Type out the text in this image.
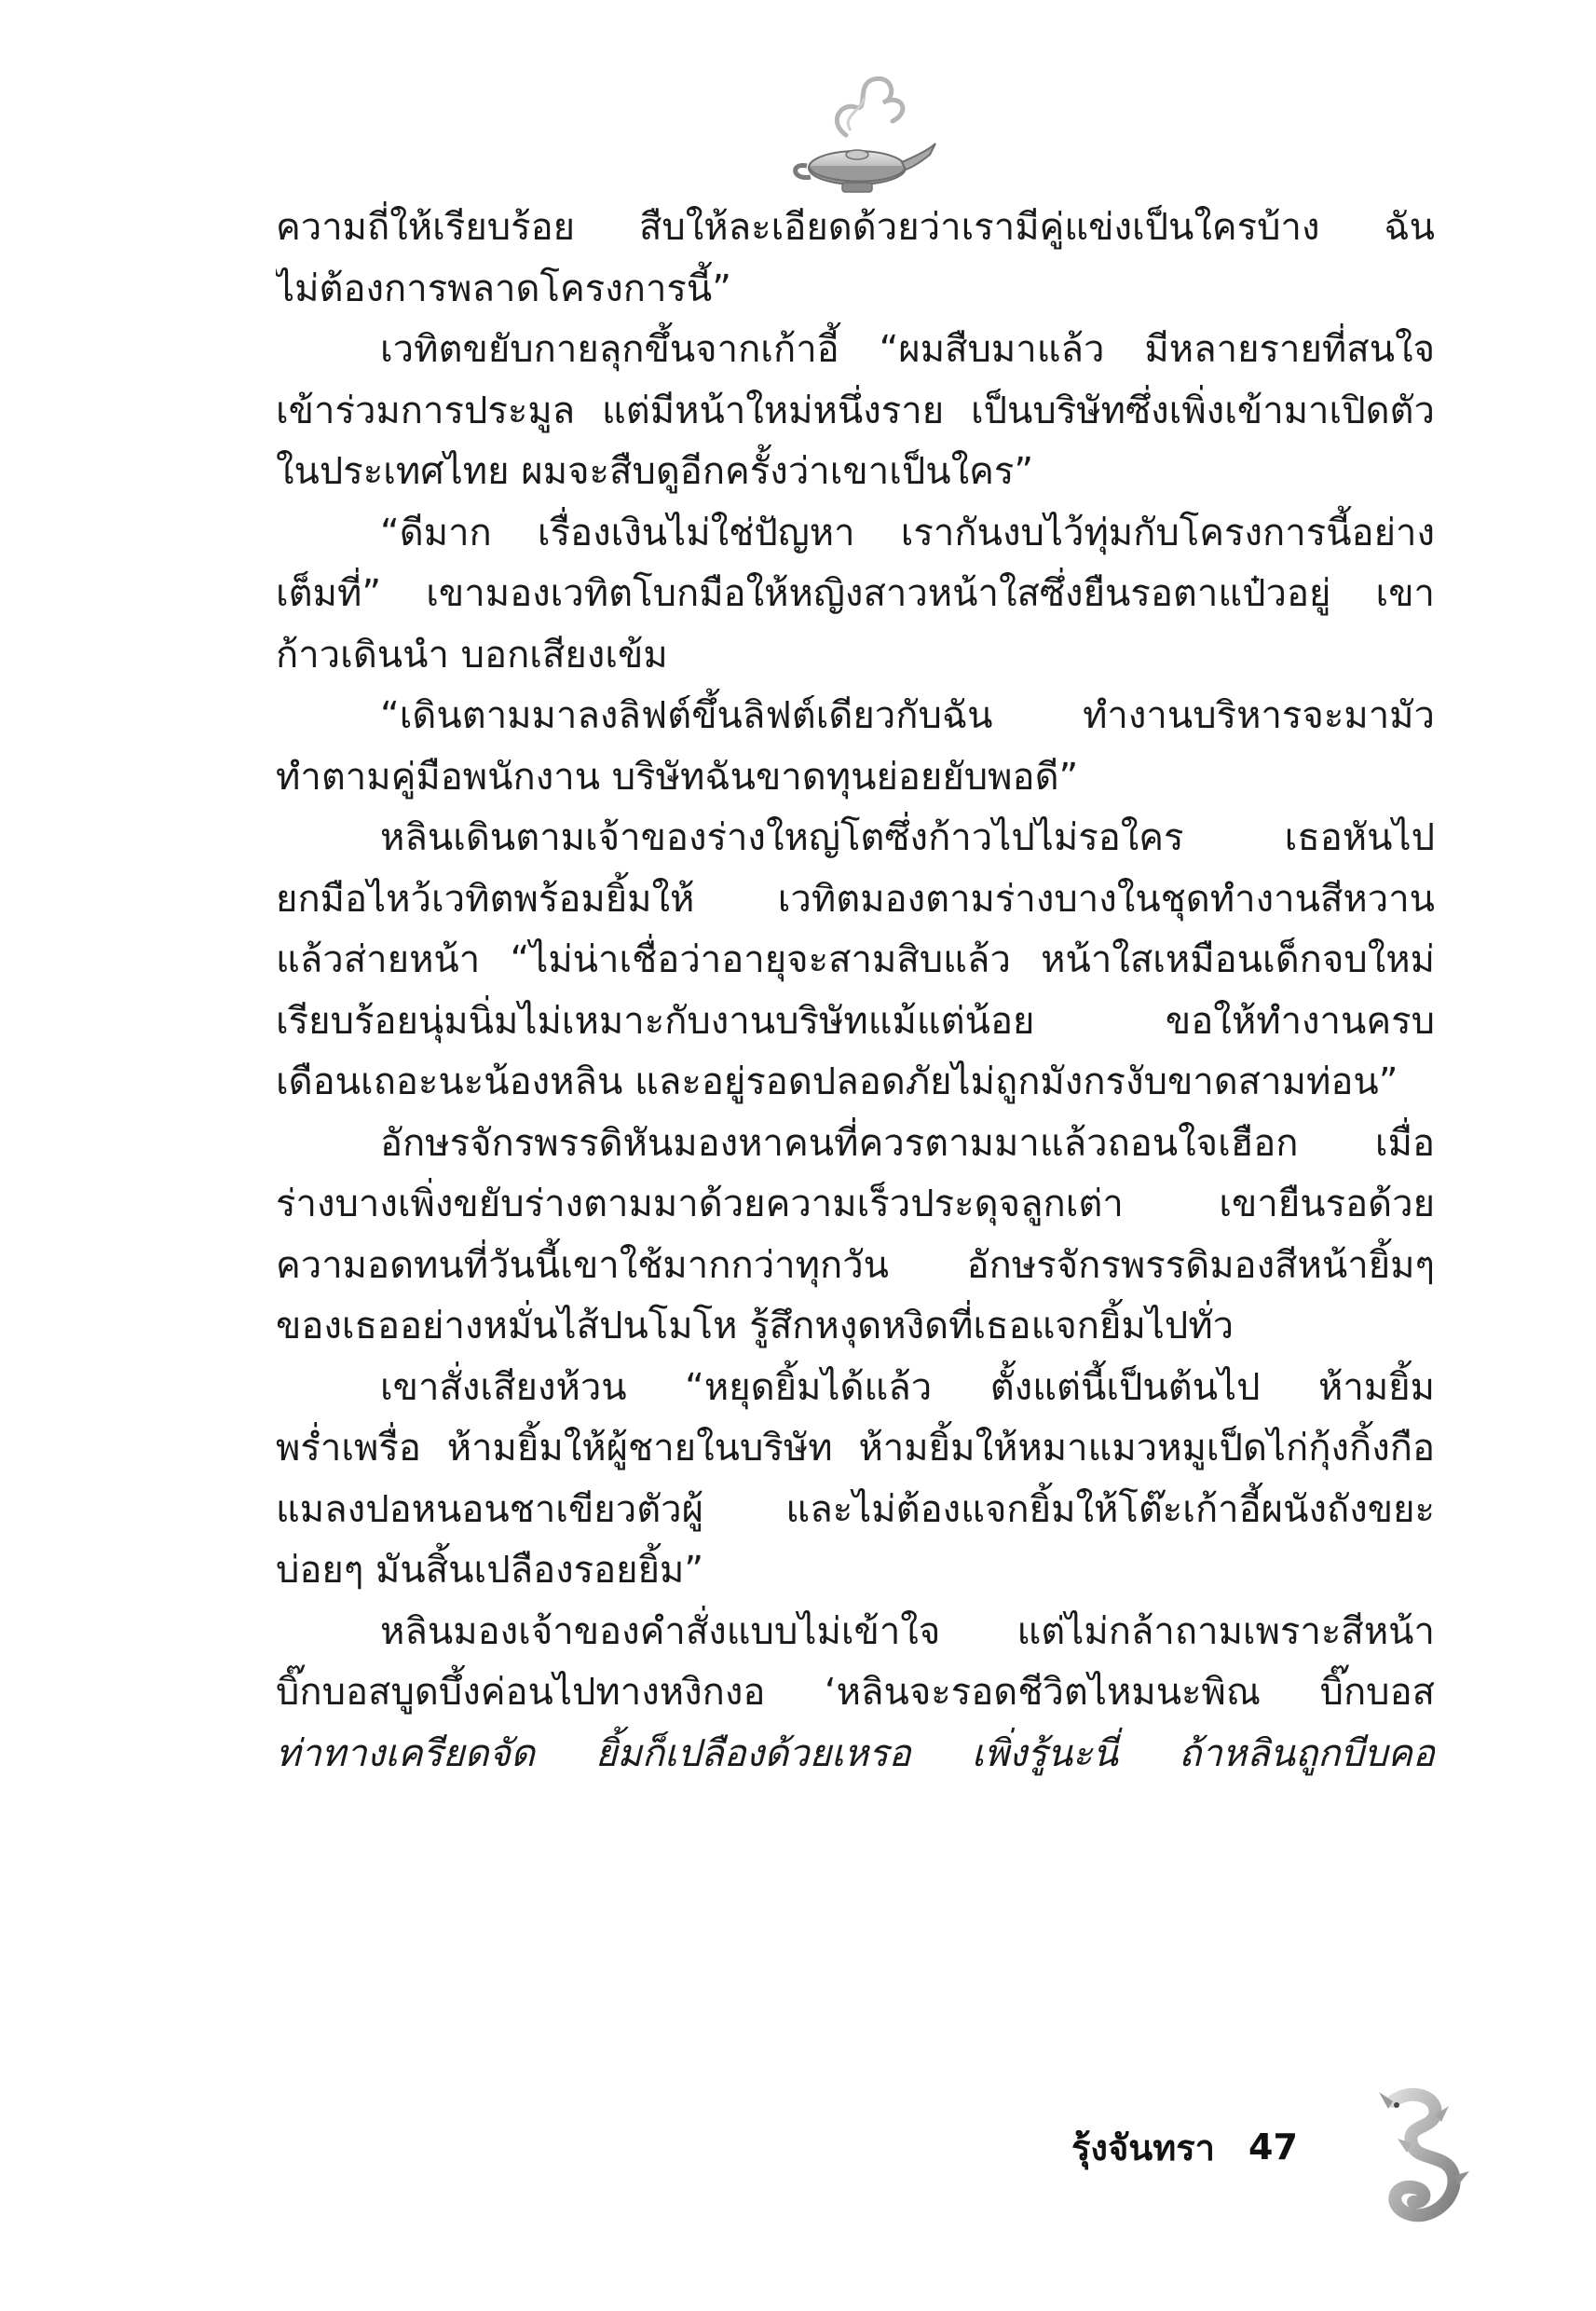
ความถี่ให้เรียบร้อย สืบให้ละเอียดด้วยว่าเรามีคู่แข่งเป็นใครบ้าง ฉัน
ไม่ต้องการพลาดโครงการนี้”
เวทิตขยับกายลุกขึ้นจากเก้าอี้ “ผมสืบมาแล้ว มีหลายรายที่สนใจ
เข้าร่วมการประมูล แต่มีหน้าใหม่หนึ่งราย เป็นบริษัทซึ่งเพิ่งเข้ามาเปิดตัว
ในประเทศไทย ผมจะสืบดูอีกครั้งว่าเขาเป็นใคร”
“ดีมาก เรื่องเงินไม่ใช่ปัญหา เรากันงบไว้ทุ่มกับโครงการนี้อย่าง
เต็มที่” เขามองเวทิตโบกมือให้หญิงสาวหน้าใสซึ่งยืนรอตาแป๋วอยู่ เขา
ก้าวเดินนำ บอกเสียงเข้ม
“เดินตามมาลงลิฟต์ขึ้นลิฟต์เดียวกับฉัน ทำงานบริหารจะมามัว
ทำตามคู่มือพนักงาน บริษัทฉันขาดทุนย่อยยับพอดี”
หลินเดินตามเจ้าของร่างใหญ่โตซึ่งก้าวไปไม่รอใคร เธอหันไป
ยกมือไหว้เวทิตพร้อมยิ้มให้ เวทิตมองตามร่างบางในชุดทำงานสีหวาน
แล้วส่ายหน้า “ไม่น่าเชื่อว่าอายุจะสามสิบแล้ว หน้าใสเหมือนเด็กจบใหม่
เรียบร้อยนุ่มนิ่มไม่เหมาะกับงานบริษัทแม้แต่น้อย ขอให้ทำงานครบ
เดือนเถอะนะน้องหลิน และอยู่รอดปลอดภัยไม่ถูกมังกรงับขาดสามท่อน”
อักษรจักรพรรดิหันมองหาคนที่ควรตามมาแล้วถอนใจเฮือก เมื่อ
ร่างบางเพิ่งขยับร่างตามมาด้วยความเร็วประดุจลูกเต่า เขายืนรอด้วย
ความอดทนที่วันนี้เขาใช้มากกว่าทุกวัน อักษรจักรพรรดิมองสีหน้ายิ้มๆ
ของเธออย่างหมั่นไส้ปนโมโห รู้สึกหงุดหงิดที่เธอแจกยิ้มไปทั่ว
เขาสั่งเสียงห้วน “หยุดยิ้มได้แล้ว ตั้งแต่นี้เป็นต้นไป ห้ามยิ้ม
พร่ำเพรื่อ ห้ามยิ้มให้ผู้ชายในบริษัท ห้ามยิ้มให้หมาแมวหมูเป็ดไก่กุ้งกิ้งกือ
แมลงปอหนอนชาเขียวตัวผู้ และไม่ต้องแจกยิ้มให้โต๊ะเก้าอี้ผนังถังขยะ
บ่อยๆ มันสิ้นเปลืองรอยยิ้ม”
หลินมองเจ้าของคำสั่งแบบไม่เข้าใจ แต่ไม่กล้าถามเพราะสีหน้า
บิ๊กบอสบูดบึ้งค่อนไปทางหงิกงอ ‘หลินจะรอดชีวิตไหมนะพิณ บิ๊กบอส
ท่าทางเครียดจัด ยิ้มก็เปลืองด้วยเหรอ เพิ่งรู้นะนี่ ถ้าหลินถูกบีบคอ
รุ้งจันทรา 47
